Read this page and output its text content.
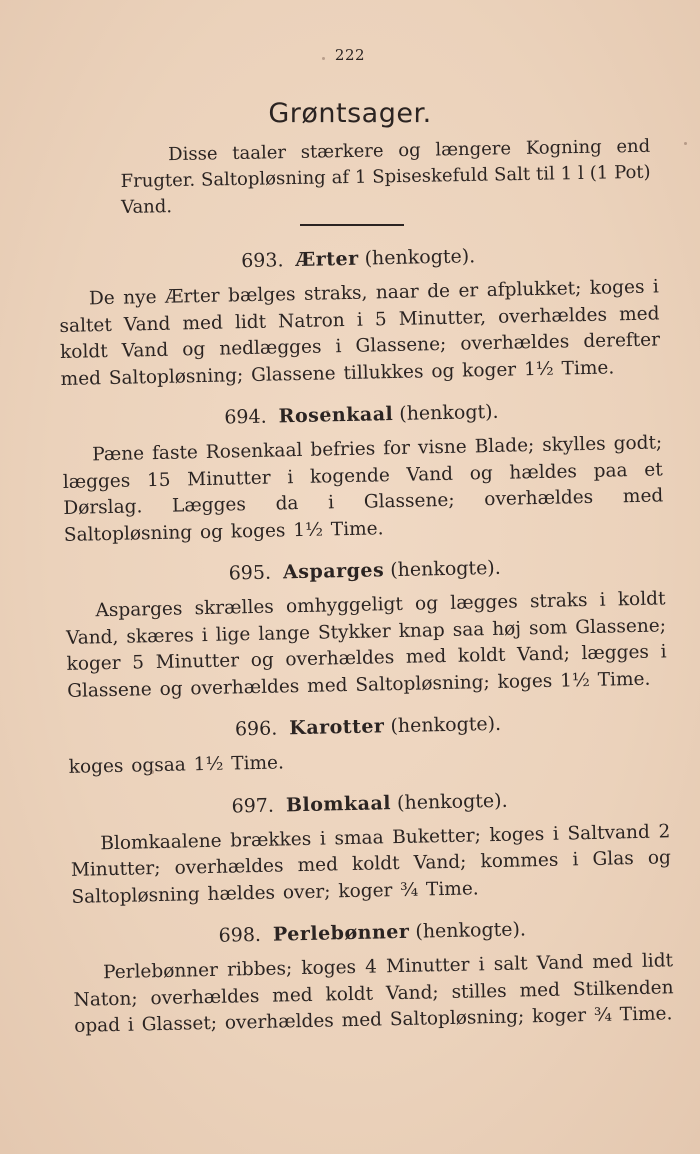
222
Grøntsager.
Disse taaler stærkere og længere Kogning end Frugter. Saltopløsning af 1 Spiseskefuld Salt til 1 l (1 Pot) Vand.
693. Ærter (henkogte).
De nye Ærter bælges straks, naar de er afplukket; koges i saltet Vand med lidt Natron i 5 Minutter, overhældes med koldt Vand og nedlægges i Glassene; overhældes derefter med Saltopløsning; Glassene tillukkes og koger 1½ Time.
694. Rosenkaal (henkogt).
Pæne faste Rosenkaal befries for visne Blade; skylles godt; lægges 15 Minutter i kogende Vand og hældes paa et Dørslag. Lægges da i Glassene; overhældes med Saltopløsning og koges 1½ Time.
695. Asparges (henkogte).
Asparges skrælles omhyggeligt og lægges straks i koldt Vand, skæres i lige lange Stykker knap saa høj som Glassene; koger 5 Minutter og overhældes med koldt Vand; lægges i Glassene og overhældes med Saltopløsning; koges 1½ Time.
696. Karotter (henkogte).
koges ogsaa 1½ Time.
697. Blomkaal (henkogte).
Blomkaalene brækkes i smaa Buketter; koges i Saltvand 2 Minutter; overhældes med koldt Vand; kommes i Glas og Saltopløsning hældes over; koger ¾ Time.
698. Perlebønner (henkogte).
Perlebønner ribbes; koges 4 Minutter i salt Vand med lidt Naton; overhældes med koldt Vand; stilles med Stilkenden opad i Glasset; overhældes med Saltopløsning; koger ¾ Time.
